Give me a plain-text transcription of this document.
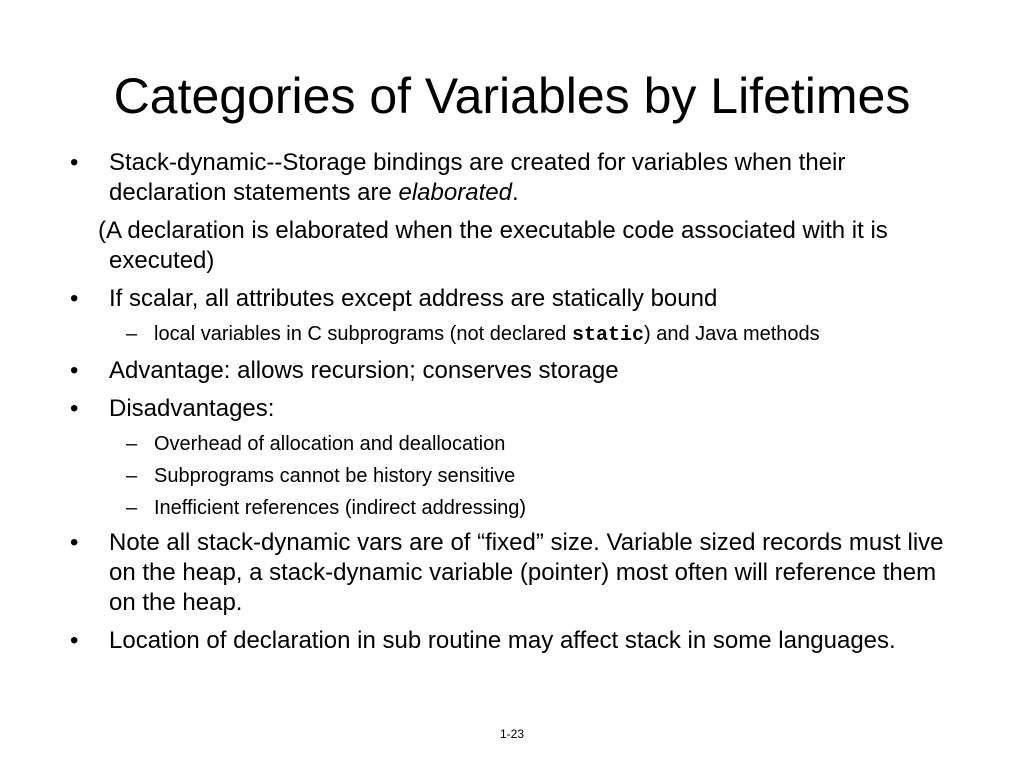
Categories of Variables by Lifetimes
• Stack-dynamic--Storage bindings are created for variables when their declaration statements are elaborated.
(A declaration is elaborated when the executable code associated with it is executed)
• If scalar, all attributes except address are statically bound
– local variables in C subprograms (not declared static) and Java methods
• Advantage: allows recursion; conserves storage
• Disadvantages:
– Overhead of allocation and deallocation
– Subprograms cannot be history sensitive
– Inefficient references (indirect addressing)
• Note all stack-dynamic vars are of “fixed” size. Variable sized records must live on the heap, a stack-dynamic variable (pointer) most often will reference them on the heap.
• Location of declaration in sub routine may affect stack in some languages.
1-23
